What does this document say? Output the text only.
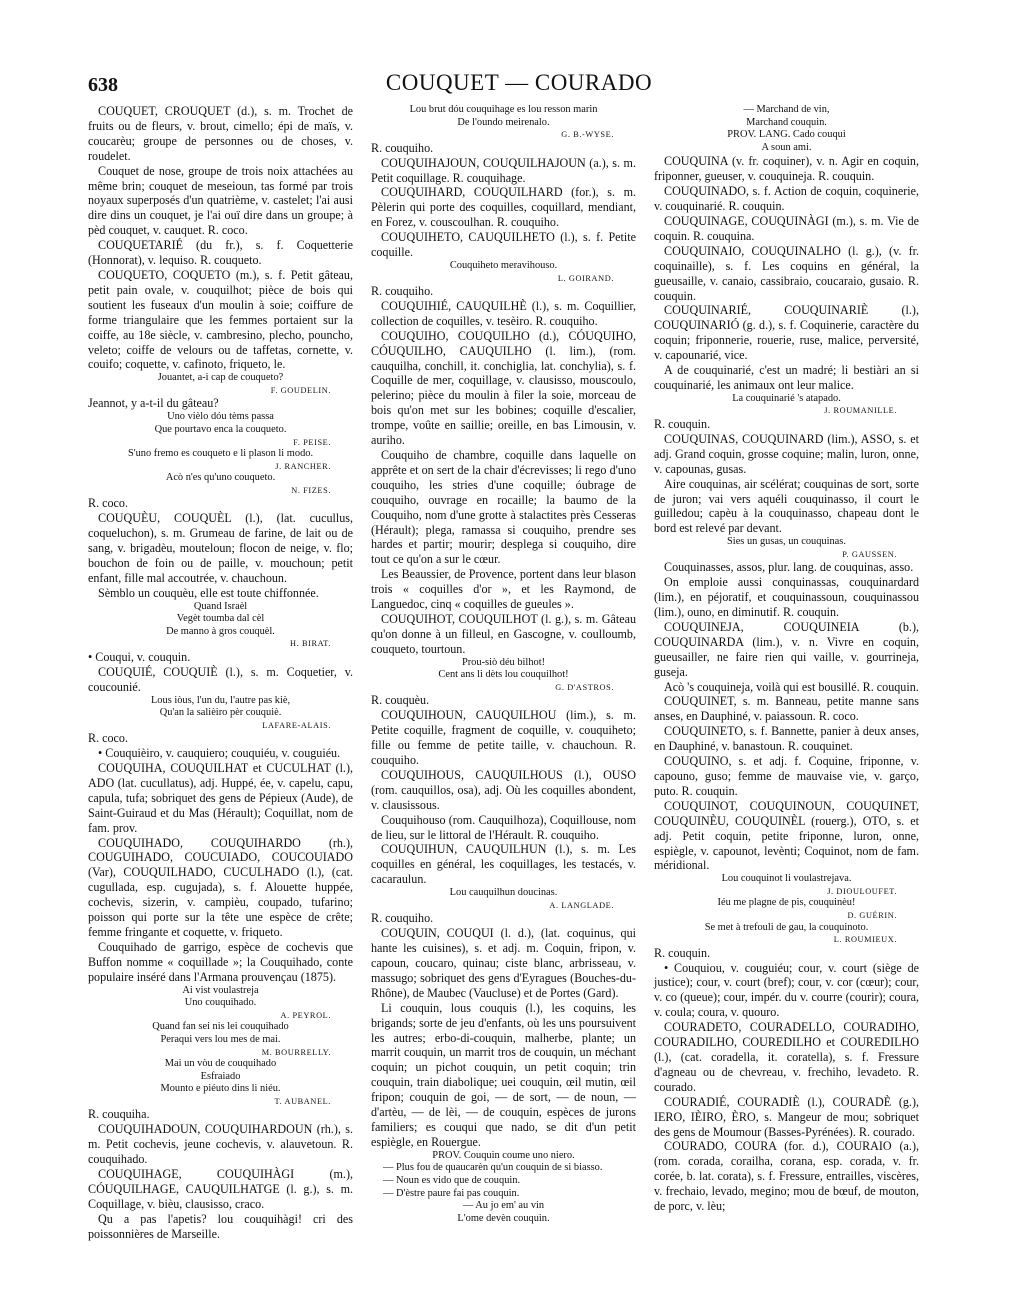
638	COUQUET — COURADO

COUQUET, CROUQUET (d.), s. m. Trochet de fruits ou de fleurs, v. brout, cimello; épi de maïs, v. coucarèu; groupe de personnes ou de choses, v. roudelet.

Couquet de nose, groupe de trois noix attachées au même brin; couquet de meseioun, tas formé par trois noyaux superposés d'un quatrième, v. castelet; l'ai ausi dire dins un couquet, je l'ai ouï dire dans un groupe; à pèd couquet, v. cauquet. R. coco.

COUQUETARIÉ (du fr.), s. f. Coquetterie (Honnorat), v. lequiso. R. couqueto.

COUQUETO, COQUETO (m.), s. f. Petit gâteau, petit pain ovale, v. couquilhot; pièce de bois qui soutient les fuseaux d'un moulin à soie; coiffure de forme triangulaire que les femmes portaient sur la coiffe, au 18e siècle, v. cambresino, plecho, pouncho, veleto; coiffe de velours ou de taffetas, cornette, v. couifo; coquette, v. cafinoto, friqueto, le.

Jouantet, a-i cap de couqueto?

F. GOUDELIN.

Jeannot, y a-t-il du gâteau?

Uno vièlo dóu tèms passa

Que pourtavo enca la couqueto.

F. PEISE.

S'uno fremo es couqueto e li plason li modo.

J. RANCHER.

Acò n'es qu'uno couqueto.

N. FIZES.

R. coco.

COUQUÈU, COUQUÈL (l.), (lat. cucullus, coqueluchon), s. m. Grumeau de farine, de lait ou de sang, v. brigadèu, mouteloun; flocon de neige, v. flo; bouchon de foin ou de paille, v. mouchoun; petit enfant, fille mal accoutrée, v. chauchoun.

Sèmblo un couquèu, elle est toute chiffonnée.

Quand Israèl

Vegèt toumba dal cèl

De manno à gros couquèl.

H. BIRAT.

• Couqui, v. couquin.

COUQUIÉ, COUQUIÈ (l.), s. m. Coquetier, v. coucounié.

Lous iòus, l'un du, l'autre pas kiè,

Qu'an la salièiro pèr couquiè.

LAFARE-ALAIS.

R. coco.

• Couquièiro, v. cauquiero; couquiéu, v. couguiéu.

COUQUIHA, COUQUILHAT et CUCULHAT (l.), ADO (lat. cucullatus), adj. Huppé, ée, v. capelu, capu, capula, tufa; sobriquet des gens de Pépieux (Aude), de Saint-Guiraud et du Mas (Hérault); Coquillat, nom de fam. prov.

COUQUIHADO, COUQUIHARDO (rh.), COUGUIHADO, COUCUIADO, COUCOUIADO (Var), COUQUILHADO, CUCULHADO (l.), (cat. cugullada, esp. cugujada), s. f. Alouette huppée, cochevis, sizerin, v. campièu, coupado, tufarino; poisson qui porte sur la tête une espèce de crête; femme fringante et coquette, v. friqueto.

Couquihado de garrigo, espèce de cochevis que Buffon nomme « coquillade »; la Couquihado, conte populaire inséré dans l'Armana prouvençau (1875).

Ai vist voulastreja

Uno couquihado.

A. PEYROL.

Quand fan sei nis lei couquihado

Peraqui vers lou mes de mai.

M. BOURRELLY.

Mai un vòu de couquihado

Esfraiado

Mounto e piéuto dins li niéu.

T. AUBANEL.

R. couquiha.

COUQUIHADOUN, COUQUIHARDOUN (rh.), s. m. Petit cochevis, jeune cochevis, v. alauvetoun. R. couquihado.

COUQUIHAGE, COUQUIHÀGI (m.), CÓUQUILHAGE, CAUQUILHATGE (l. g.), s. m. Coquillage, v. bièu, clausisso, craco.

Qu a pas l'apetis? lou couquihàgi! cri des poissonnières de Marseille.

Lou brut dóu couquihage es lou resson marin

De l'oundo meirenalo.

G. B.-WYSE.

R. couquiho.

COUQUIHAJOUN, COUQUILHAJOUN (a.), s. m. Petit coquillage. R. couquihage.

COUQUIHARD, COUQUILHARD (for.), s. m. Pèlerin qui porte des coquilles, coquillard, mendiant, en Forez, v. couscoulhan. R. couquiho.

COUQUIHETO, CAUQUILHETO (l.), s. f. Petite coquille.

Couquiheto meravihouso.

L. GOIRAND.

R. couquiho.

COUQUIHIÉ, CAUQUILHÈ (l.), s. m. Coquillier, collection de coquilles, v. tesèiro. R. couquiho.

COUQUIHO, COUQUILHO (d.), CÓUQUIHO, CÓUQUILHO, CAUQUILHO (l. lim.), (rom. cauquilha, conchill, it. conchiglia, lat. conchylia), s. f. Coquille de mer, coquillage, v. clausisso, mouscoulo, pelerino; pièce du moulin à filer la soie, morceau de bois qu'on met sur les bobines; coquille d'escalier, trompe, voûte en saillie; oreille, en bas Limousin, v. auriho.

Couquiho de chambre, coquille dans laquelle on apprête et on sert de la chair d'écrevisses; li rego d'uno couquiho, les stries d'une coquille; óubrage de couquiho, ouvrage en rocaille; la baumo de la Couquiho, nom d'une grotte à stalactites près Cesseras (Hérault); plega, ramassa si couquiho, prendre ses hardes et partir; mourir; desplega si couquiho, dire tout ce qu'on a sur le cœur.

Les Beaussier, de Provence, portent dans leur blason trois « coquilles d'or », et les Raymond, de Languedoc, cinq « coquilles de gueules ».

COUQUIHOT, COUQUILHOT (l. g.), s. m. Gâteau qu'on donne à un filleul, en Gascogne, v. coulloumb, couqueto, tourtoun.

Prou-siò déu bilhot!

Cent ans li dèts lou couquilhot!

G. D'ASTROS.

R. couquèu.

COUQUIHOUN, CAUQUILHOU (lim.), s. m. Petite coquille, fragment de coquille, v. couquiheto; fille ou femme de petite taille, v. chauchoun. R. couquiho.

COUQUIHOUS, CAUQUILHOUS (l.), OUSO (rom. cauquillos, osa), adj. Où les coquilles abondent, v. clausissous.

Couquihouso (rom. Cauquilhoza), Coquillouse, nom de lieu, sur le littoral de l'Hérault. R. couquiho.

COUQUIHUN, CAUQUILHUN (l.), s. m. Les coquilles en général, les coquillages, les testacés, v. cacaraulun.

Lou cauquilhun doucinas.

A. LANGLADE.

R. couquiho.

COUQUIN, COUQUI (l. d.), (lat. coquinus, qui hante les cuisines), s. et adj. m. Coquin, fripon, v. capoun, coucaro, quinau; ciste blanc, arbrisseau, v. massugo; sobriquet des gens d'Eyragues (Bouches-du-Rhône), de Maubec (Vaucluse) et de Portes (Gard).

Li couquin, lous couquis (l.), les coquins, les brigands; sorte de jeu d'enfants, où les uns poursuivent les autres; erbo-di-couquin, malherbe, plante; un marrit couquin, un marrit tros de couquin, un méchant coquin; un pichot couquin, un petit coquin; trin couquin, train diabolique; uei couquin, œil mutin, œil fripon; couquin de goi, — de sort, — de noun, — d'artèu, — de lèi, — de couquin, espèces de jurons familiers; es couqui que nado, se dit d'un petit espiègle, en Rouergue.

PROV. Couquin coume uno niero.

— Plus fou de quaucarèn qu'un couquin de si biasso.

— Noun es vido que de couquin.

— D'èstre paure fai pas couquin.

— Au jo em' au vin

L'ome devèn couquin.

— Marchand de vin,

Marchand couquin.

PROV. LANG. Cado couqui

A soun ami.

COUQUINA (v. fr. coquiner), v. n. Agir en coquin, friponner, gueuser, v. couquineja. R. couquin.

COUQUINADO, s. f. Action de coquin, coquinerie, v. couquinarié. R. couquin.

COUQUINAGE, COUQUINÀGI (m.), s. m. Vie de coquin. R. couquina.

COUQUINAIO, COUQUINALHO (l. g.), (v. fr. coquinaille), s. f. Les coquins en général, la gueusaille, v. canaio, cassibraio, coucaraio, gusaio. R. couquin.

COUQUINARIÉ, COUQUINARIÈ (l.), COUQUINARIÓ (g. d.), s. f. Coquinerie, caractère du coquin; friponnerie, rouerie, ruse, malice, perversité, v. capounarié, vice.

A de couquinarié, c'est un madré; li bestiàri an si couquinarié, les animaux ont leur malice.

La couquinarié 's atapado.

J. ROUMANILLE.

R. couquin.

COUQUINAS, COUQUINARD (lim.), ASSO, s. et adj. Grand coquin, grosse coquine; malin, luron, onne, v. capounas, gusas.

Aire couquinas, air scélérat; couquinas de sort, sorte de juron; vai vers aquéli couquinasso, il court le guilledou; capèu à la couquinasso, chapeau dont le bord est relevé par devant.

Sies un gusas, un couquinas.

P. GAUSSEN.

Couquinasses, assos, plur. lang. de couquinas, asso.

On emploie aussi conquinassas, couquinardard (lim.), en péjoratif, et couquinassoun, couquinassou (lim.), ouno, en diminutif. R. couquin.

COUQUINEJA, COUQUINEIA (b.), COUQUINARDA (lim.), v. n. Vivre en coquin, gueusailler, ne faire rien qui vaille, v. gourrineja, guseja.

Acò 's couquineja, voilà qui est bousillé. R. couquin.

COUQUINET, s. m. Banneau, petite manne sans anses, en Dauphiné, v. paiassoun. R. coco.

COUQUINETO, s. f. Bannette, panier à deux anses, en Dauphiné, v. banastoun. R. couquinet.

COUQUINO, s. et adj. f. Coquine, friponne, v. capouno, guso; femme de mauvaise vie, v. garço, puto. R. couquin.

COUQUINOT, COUQUINOUN, COUQUINET, COUQUINÈU, COUQUINÈL (rouerg.), OTO, s. et adj. Petit coquin, petite friponne, luron, onne, espiègle, v. capounot, levènti; Coquinot, nom de fam. méridional.

Lou couquinot li voulastrejava.

J. DIOULOUFET.

Iéu me plagne de pis, couquinèu!

D. GUÉRIN.

Se met à trefouli de gau, la couquinoto.

L. ROUMIEUX.

R. couquin.

• Couquiou, v. couguiéu; cour, v. court (siège de justice); cour, v. court (bref); cour, v. cor (cœur); cour, v. co (queue); cour, impér. du v. courre (courir); coura, v. coula; coura, v. quouro.

COURADETO, COURADELLO, COURADIHO, COURADILHO, COUREDILHO et COUREDILHO (l.), (cat. coradella, it. coratella), s. f. Fressure d'agneau ou de chevreau, v. frechiho, levadeto. R. courado.

COURADIÉ, COURADIÈ (l.), COURADÈ (g.), IERO, IÈIRO, ÈRO, s. Mangeur de mou; sobriquet des gens de Moumour (Basses-Pyrénées). R. courado.

COURADO, COURA (for. d.), COURAIO (a.), (rom. corada, corailha, corana, esp. corada, v. fr. corée, b. lat. corata), s. f. Fressure, entrailles, viscères, v. frechaio, levado, megino; mou de bœuf, de mouton, de porc, v. lèu;
